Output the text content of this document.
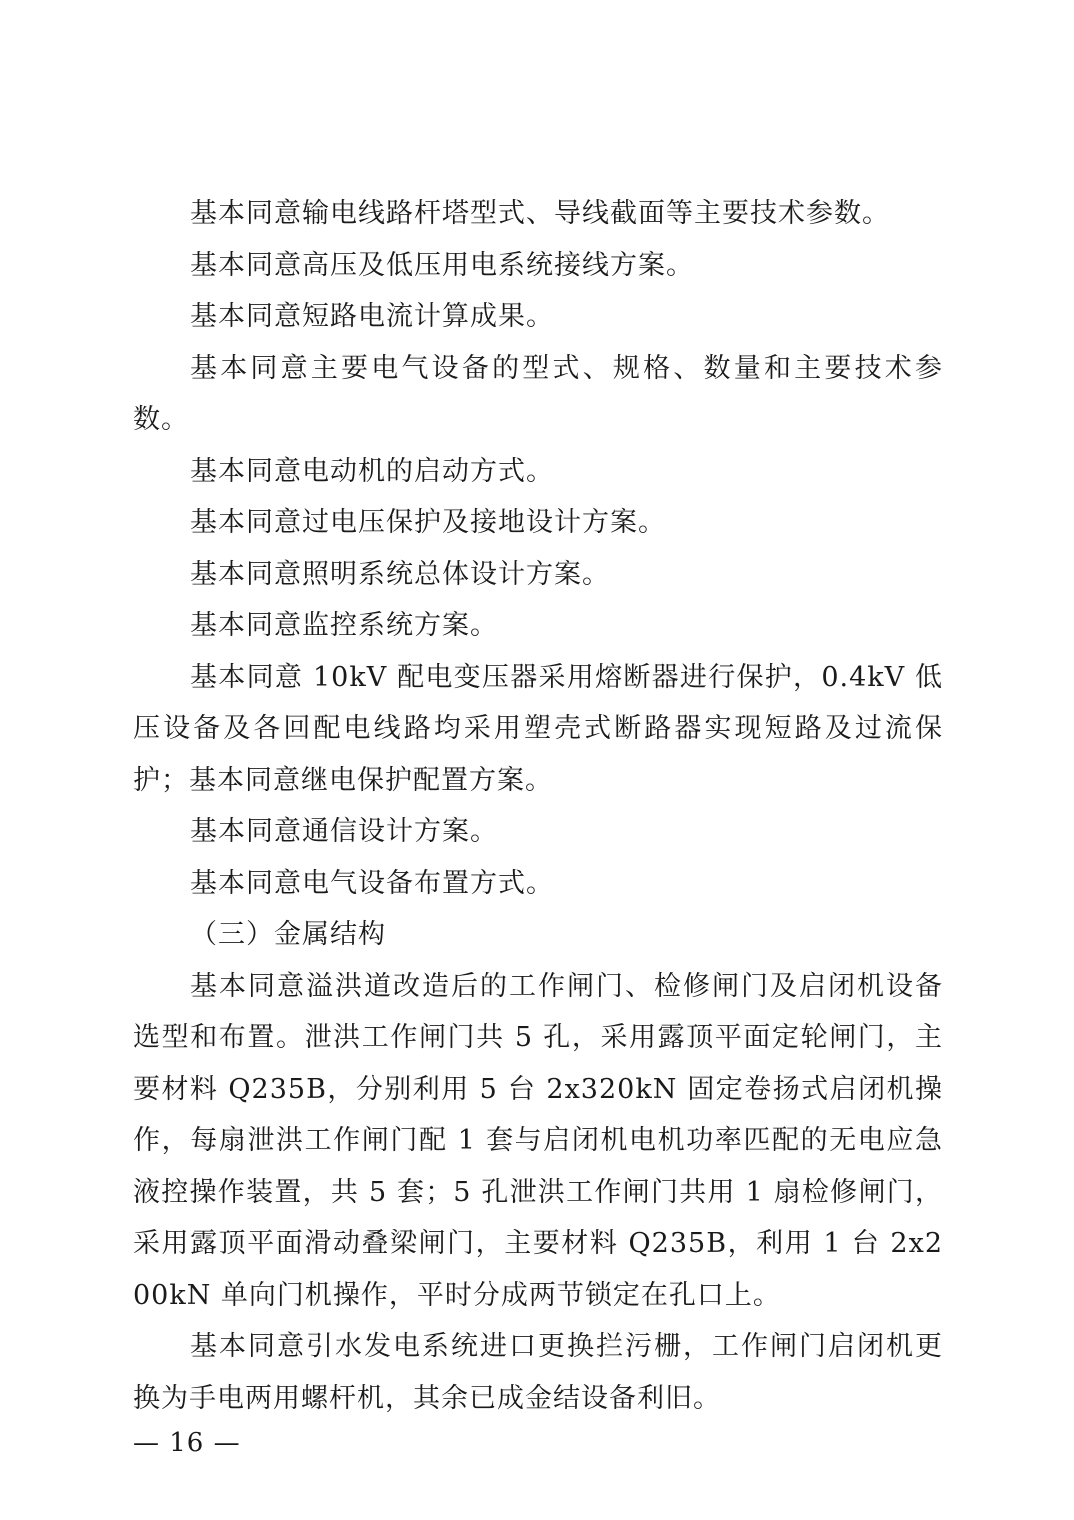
基本同意输电线路杆塔型式、导线截面等主要技术参数。

基本同意高压及低压用电系统接线方案。

基本同意短路电流计算成果。

基本同意主要电气设备的型式、规格、数量和主要技术参数。

基本同意电动机的启动方式。

基本同意过电压保护及接地设计方案。

基本同意照明系统总体设计方案。

基本同意监控系统方案。

基本同意 10kV 配电变压器采用熔断器进行保护，0.4kV 低压设备及各回配电线路均采用塑壳式断路器实现短路及过流保护；基本同意继电保护配置方案。

基本同意通信设计方案。

基本同意电气设备布置方式。

（三）金属结构

基本同意溢洪道改造后的工作闸门、检修闸门及启闭机设备选型和布置。泄洪工作闸门共 5 孔，采用露顶平面定轮闸门，主要材料 Q235B，分别利用 5 台 2x320kN 固定卷扬式启闭机操作，每扇泄洪工作闸门配 1 套与启闭机电机功率匹配的无电应急液控操作装置，共 5 套；5 孔泄洪工作闸门共用 1 扇检修闸门，采用露顶平面滑动叠梁闸门，主要材料 Q235B，利用 1 台 2x200kN 单向门机操作，平时分成两节锁定在孔口上。

基本同意引水发电系统进口更换拦污栅，工作闸门启闭机更换为手电两用螺杆机，其余已成金结设备利旧。

— 16 —
